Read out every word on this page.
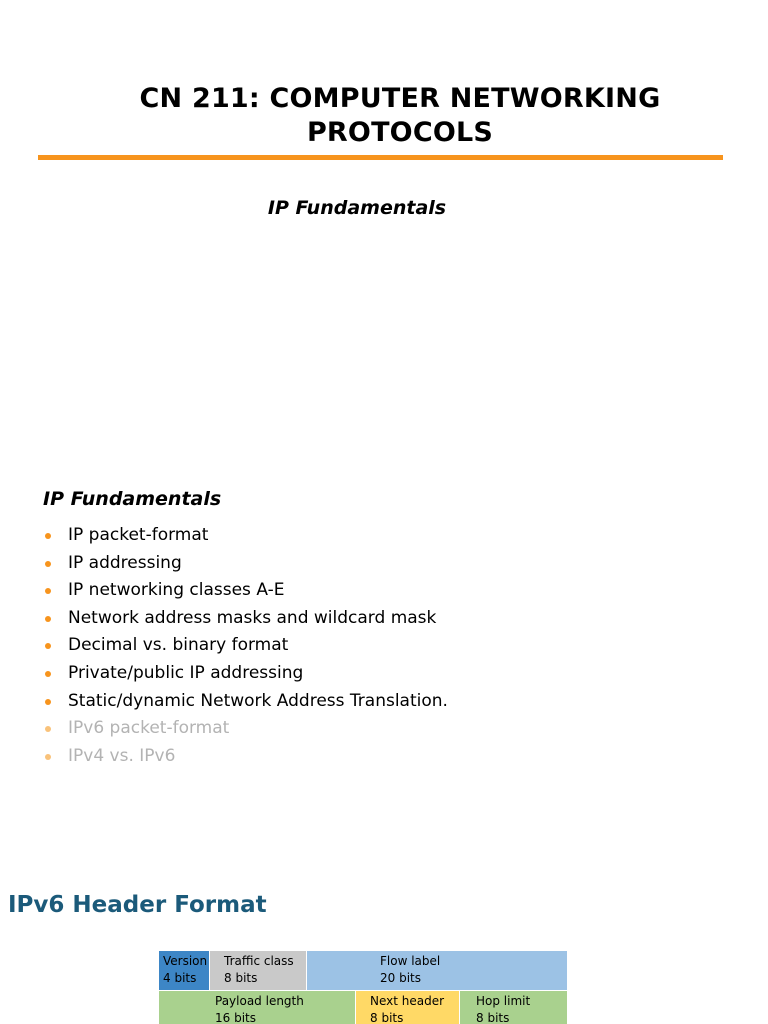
CN 211: COMPUTER NETWORKING
PROTOCOLS
IP Fundamentals
IP Fundamentals
IP packet-format
IP addressing
IP networking classes A-E
Network address masks and wildcard mask
Decimal vs. binary format
Private/public IP addressing
Static/dynamic Network Address Translation.
IPv6 packet-format
IPv4 vs. IPv6
IPv6 Header Format
Version
4 bits
Traffic class
8 bits
Flow label
20 bits
Payload length
16 bits
Next header
8 bits
Hop limit
8 bits
